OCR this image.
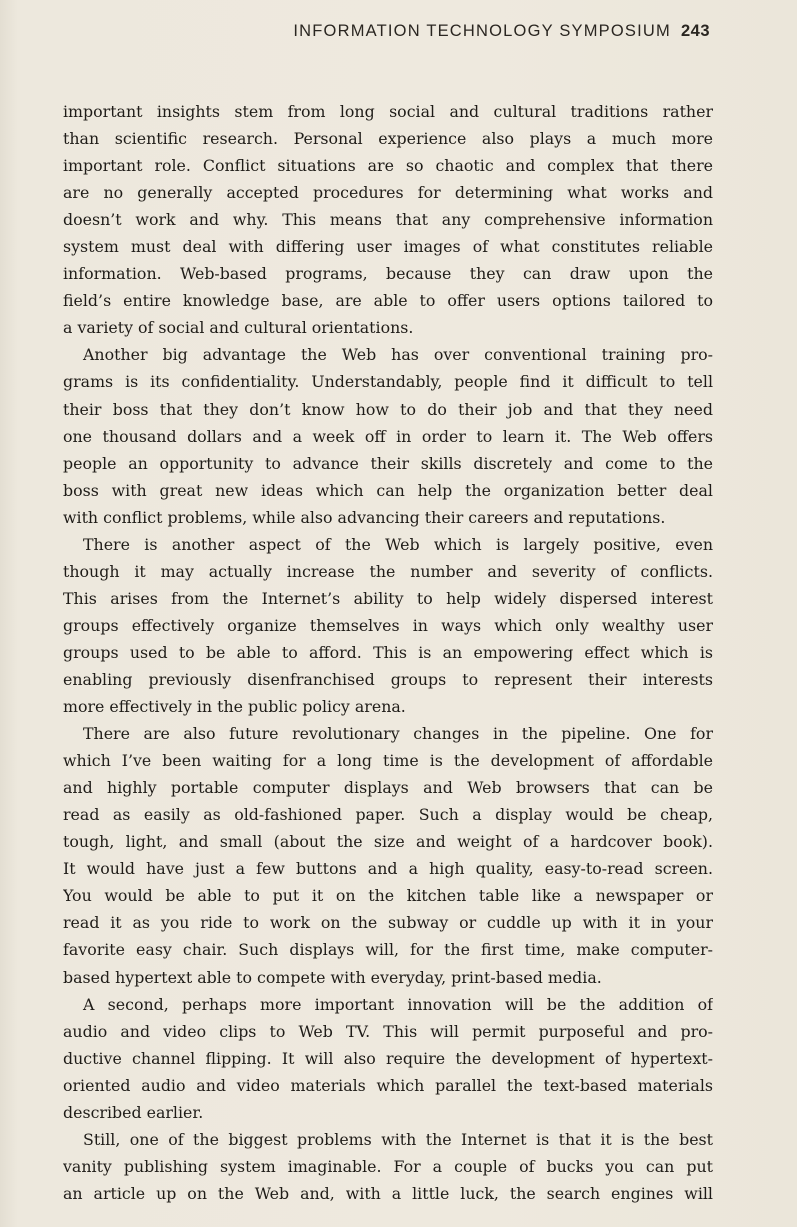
INFORMATION TECHNOLOGY SYMPOSIUM 243
important insights stem from long social and cultural traditions rather
than scientific research. Personal experience also plays a much more
important role. Conflict situations are so chaotic and complex that there
are no generally accepted procedures for determining what works and
doesn’t work and why. This means that any comprehensive information
system must deal with differing user images of what constitutes reliable
information. Web-based programs, because they can draw upon the
field’s entire knowledge base, are able to offer users options tailored to
a variety of social and cultural orientations.
Another big advantage the Web has over conventional training pro-
grams is its confidentiality. Understandably, people find it difficult to tell
their boss that they don’t know how to do their job and that they need
one thousand dollars and a week off in order to learn it. The Web offers
people an opportunity to advance their skills discretely and come to the
boss with great new ideas which can help the organization better deal
with conflict problems, while also advancing their careers and reputations.
There is another aspect of the Web which is largely positive, even
though it may actually increase the number and severity of conflicts.
This arises from the Internet’s ability to help widely dispersed interest
groups effectively organize themselves in ways which only wealthy user
groups used to be able to afford. This is an empowering effect which is
enabling previously disenfranchised groups to represent their interests
more effectively in the public policy arena.
There are also future revolutionary changes in the pipeline. One for
which I’ve been waiting for a long time is the development of affordable
and highly portable computer displays and Web browsers that can be
read as easily as old-fashioned paper. Such a display would be cheap,
tough, light, and small (about the size and weight of a hardcover book).
It would have just a few buttons and a high quality, easy-to-read screen.
You would be able to put it on the kitchen table like a newspaper or
read it as you ride to work on the subway or cuddle up with it in your
favorite easy chair. Such displays will, for the first time, make computer-
based hypertext able to compete with everyday, print-based media.
A second, perhaps more important innovation will be the addition of
audio and video clips to Web TV. This will permit purposeful and pro-
ductive channel flipping. It will also require the development of hypertext-
oriented audio and video materials which parallel the text-based materials
described earlier.
Still, one of the biggest problems with the Internet is that it is the best
vanity publishing system imaginable. For a couple of bucks you can put
an article up on the Web and, with a little luck, the search engines will
